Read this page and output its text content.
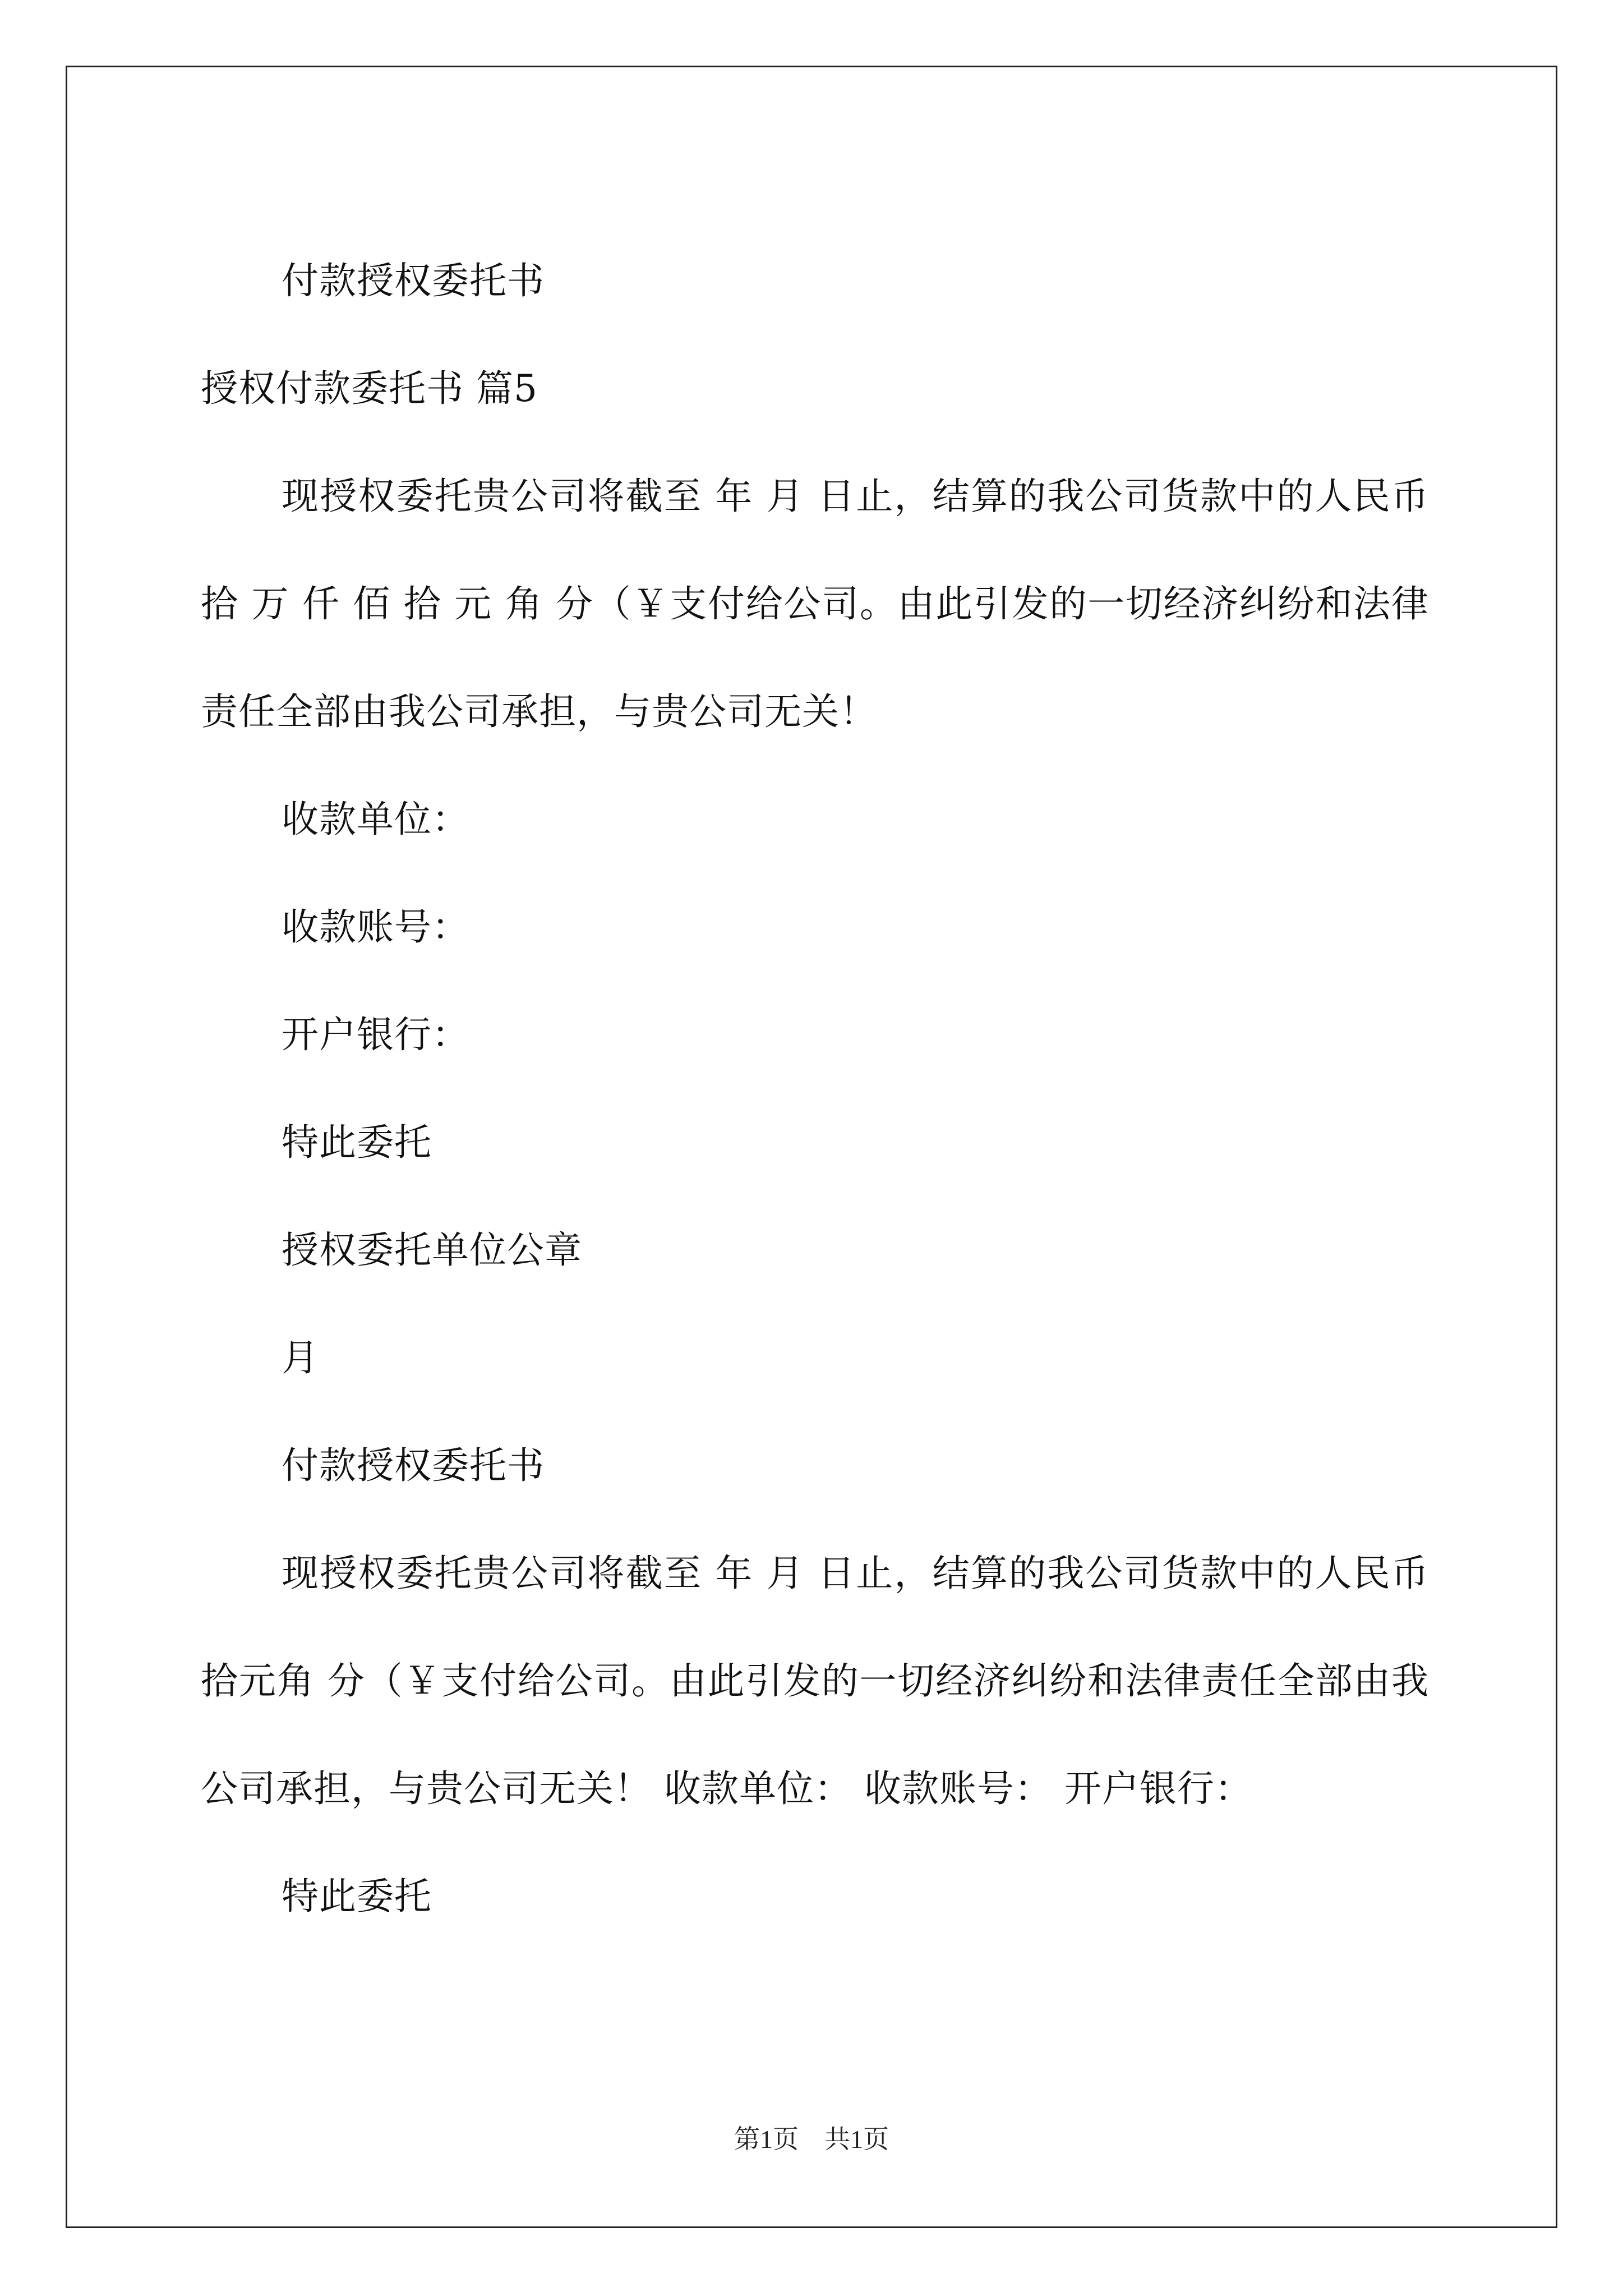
付款授权委托书

授权付款委托书 篇5

现授权委托贵公司将截至 年 月 日止，结算的我公司货款中的人民币 拾 万 仟 佰 拾 元 角 分（￥支付给公司。由此引发的一切经济纠纷和法律责任全部由我公司承担，与贵公司无关！

收款单位：

收款账号：

开户银行：

特此委托

授权委托单位公章

月

付款授权委托书

现授权委托贵公司将截至 年 月 日止，结算的我公司货款中的人民币拾元角 分（￥支付给公司。由此引发的一切经济纠纷和法律责任全部由我公司承担，与贵公司无关！ 收款单位： 收款账号： 开户银行：

特此委托

第1页　共1页
